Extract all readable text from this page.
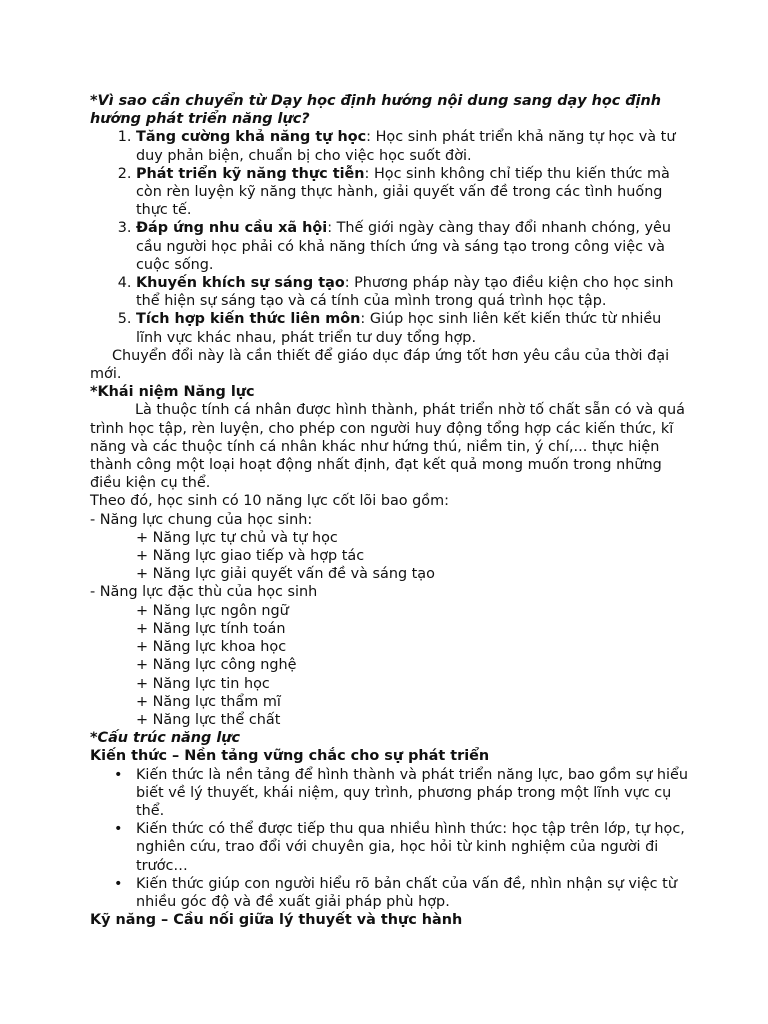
*Vì sao cần chuyển từ Dạy học định hướng nội dung sang dạy học định hướng phát triển năng lực?

1. Tăng cường khả năng tự học: Học sinh phát triển khả năng tự học và tư duy phản biện, chuẩn bị cho việc học suốt đời.
2. Phát triển kỹ năng thực tiễn: Học sinh không chỉ tiếp thu kiến thức mà còn rèn luyện kỹ năng thực hành, giải quyết vấn đề trong các tình huống thực tế.
3. Đáp ứng nhu cầu xã hội: Thế giới ngày càng thay đổi nhanh chóng, yêu cầu người học phải có khả năng thích ứng và sáng tạo trong công việc và cuộc sống.
4. Khuyến khích sự sáng tạo: Phương pháp này tạo điều kiện cho học sinh thể hiện sự sáng tạo và cá tính của mình trong quá trình học tập.
5. Tích hợp kiến thức liên môn: Giúp học sinh liên kết kiến thức từ nhiều lĩnh vực khác nhau, phát triển tư duy tổng hợp.

Chuyển đổi này là cần thiết để giáo dục đáp ứng tốt hơn yêu cầu của thời đại mới.

*Khái niệm Năng lực

Là thuộc tính cá nhân được hình thành, phát triển nhờ tố chất sẵn có và quá trình học tập, rèn luyện, cho phép con người huy động tổng hợp các kiến thức, kĩ năng và các thuộc tính cá nhân khác như hứng thú, niềm tin, ý chí,... thực hiện thành công một loại hoạt động nhất định, đạt kết quả mong muốn trong những điều kiện cụ thể.

Theo đó, học sinh có 10 năng lực cốt lõi bao gồm:

- Năng lực chung của học sinh:

+ Năng lực tự chủ và tự học

+ Năng lực giao tiếp và hợp tác

+ Năng lực giải quyết vấn đề và sáng tạo

- Năng lực đặc thù của học sinh

+ Năng lực ngôn ngữ

+ Năng lực tính toán

+ Năng lực khoa học

+ Năng lực công nghệ

+ Năng lực tin học

+ Năng lực thẩm mĩ

+ Năng lực thể chất

*Cấu trúc năng lực

Kiến thức – Nền tảng vững chắc cho sự phát triển

• Kiến thức là nền tảng để hình thành và phát triển năng lực, bao gồm sự hiểu biết về lý thuyết, khái niệm, quy trình, phương pháp trong một lĩnh vực cụ thể.
• Kiến thức có thể được tiếp thu qua nhiều hình thức: học tập trên lớp, tự học, nghiên cứu, trao đổi với chuyên gia, học hỏi từ kinh nghiệm của người đi trước…
• Kiến thức giúp con người hiểu rõ bản chất của vấn đề, nhìn nhận sự việc từ nhiều góc độ và đề xuất giải pháp phù hợp.

Kỹ năng – Cầu nối giữa lý thuyết và thực hành
